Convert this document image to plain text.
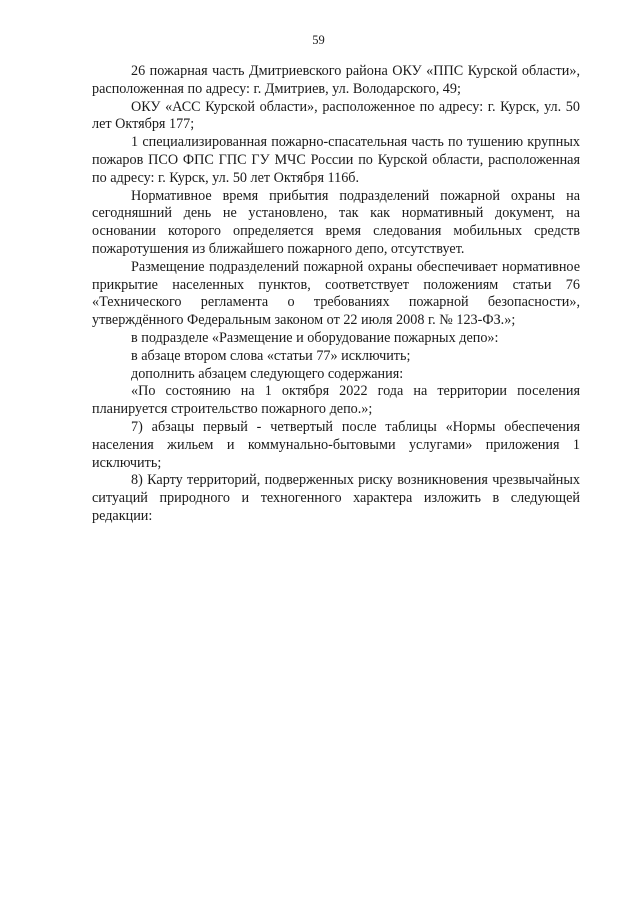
59

26 пожарная часть Дмитриевского района ОКУ «ППС Курской области», расположенная по адресу: г. Дмитриев, ул. Володарского, 49;

ОКУ «АСС Курской области», расположенное по адресу: г. Курск, ул. 50 лет Октября 177;

1 специализированная пожарно-спасательная часть по тушению крупных пожаров ПСО ФПС ГПС ГУ МЧС России по Курской области, расположенная по адресу: г. Курск, ул. 50 лет Октября 116б.

Нормативное время прибытия подразделений пожарной охраны на сегодняшний день не установлено, так как нормативный документ, на основании которого определяется время следования мобильных средств пожаротушения из ближайшего пожарного депо, отсутствует.

Размещение подразделений пожарной охраны обеспечивает нормативное прикрытие населенных пунктов, соответствует положениям статьи 76 «Технического регламента о требованиях пожарной безопасности», утверждённого Федеральным законом от 22 июля 2008 г. № 123-ФЗ.»;

в подразделе «Размещение и оборудование пожарных депо»:

в абзаце втором слова «статьи 77» исключить;

дополнить абзацем следующего содержания:

«По состоянию на 1 октября 2022 года на территории поселения планируется строительство пожарного депо.»;

7) абзацы первый - четвертый после таблицы «Нормы обеспечения населения жильем и коммунально-бытовыми услугами» приложения 1 исключить;

8) Карту территорий, подверженных риску возникновения чрезвычайных ситуаций природного и техногенного характера изложить в следующей редакции:
